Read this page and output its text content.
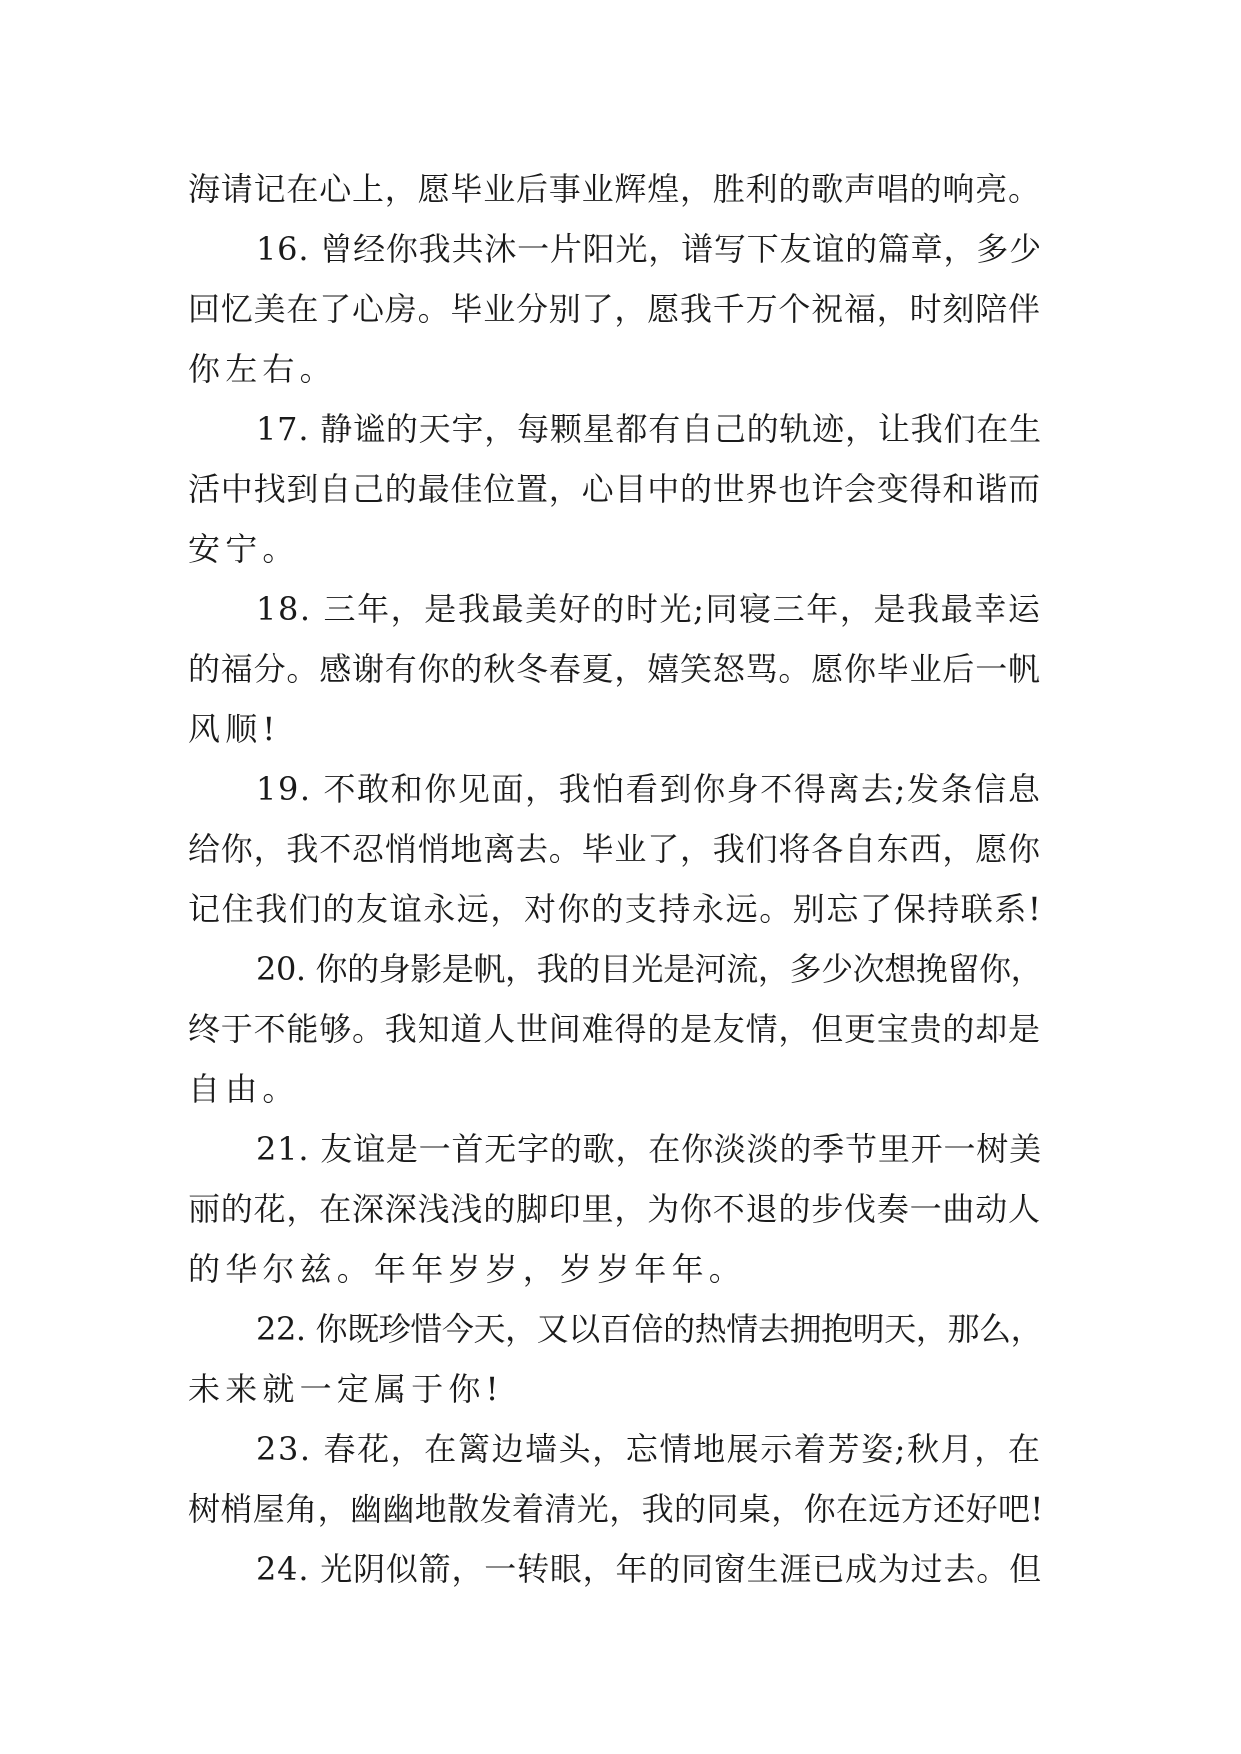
海请记在心上，愿毕业后事业辉煌，胜利的歌声唱的响亮。
16. 曾经你我共沐一片阳光，谱写下友谊的篇章，多少
回忆美在了心房。毕业分别了，愿我千万个祝福，时刻陪伴
你左右。
17. 静谧的天宇，每颗星都有自己的轨迹，让我们在生
活中找到自己的最佳位置，心目中的世界也许会变得和谐而
安宁。
18. 三年，是我最美好的时光;同寝三年，是我最幸运
的福分。感谢有你的秋冬春夏，嬉笑怒骂。愿你毕业后一帆
风顺!
19. 不敢和你见面，我怕看到你身不得离去;发条信息
给你，我不忍悄悄地离去。毕业了，我们将各自东西，愿你
记住我们的友谊永远，对你的支持永远。别忘了保持联系!
20. 你的身影是帆，我的目光是河流，多少次想挽留你，
终于不能够。我知道人世间难得的是友情，但更宝贵的却是
自由。
21. 友谊是一首无字的歌，在你淡淡的季节里开一树美
丽的花，在深深浅浅的脚印里，为你不退的步伐奏一曲动人
的华尔兹。年年岁岁，岁岁年年。
22. 你既珍惜今天，又以百倍的热情去拥抱明天，那么，
未来就一定属于你!
23. 春花，在篱边墙头，忘情地展示着芳姿;秋月，在
树梢屋角，幽幽地散发着清光，我的同桌，你在远方还好吧!
24. 光阴似箭，一转眼，年的同窗生涯已成为过去。但
